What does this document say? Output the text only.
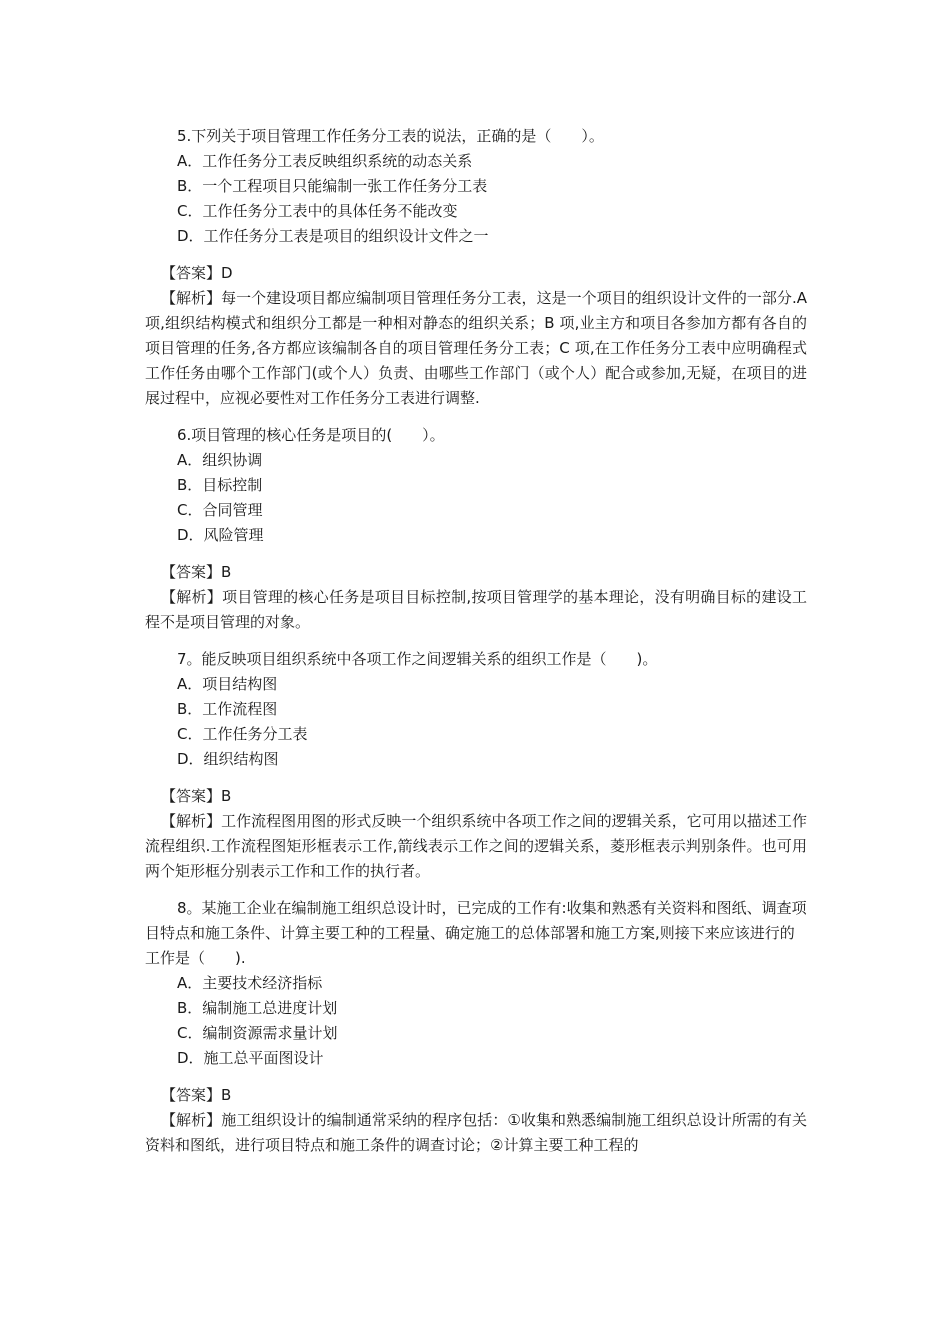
5.下列关于项目管理工作任务分工表的说法，正确的是（　　）。

A．工作任务分工表反映组织系统的动态关系

B．一个工程项目只能编制一张工作任务分工表

C．工作任务分工表中的具体任务不能改变

D．工作任务分工表是项目的组织设计文件之一

【答案】D

【解析】每一个建设项目都应编制项目管理任务分工表，这是一个项目的组织设计文件的一部分.A 项,组织结构模式和组织分工都是一种相对静态的组织关系；B 项,业主方和项目各参加方都有各自的项目管理的任务,各方都应该编制各自的项目管理任务分工表；C 项,在工作任务分工表中应明确程式工作任务由哪个工作部门(或个人）负责、由哪些工作部门（或个人）配合或参加,无疑，在项目的进展过程中，应视必要性对工作任务分工表进行调整.

6.项目管理的核心任务是项目的(　　）。

A．组织协调

B．目标控制

C．合同管理

D．风险管理

【答案】B

【解析】项目管理的核心任务是项目目标控制,按项目管理学的基本理论，没有明确目标的建设工程不是项目管理的对象。

7。能反映项目组织系统中各项工作之间逻辑关系的组织工作是（　　)。

A．项目结构图

B．工作流程图

C．工作任务分工表

D．组织结构图

【答案】B

【解析】工作流程图用图的形式反映一个组织系统中各项工作之间的逻辑关系，它可用以描述工作流程组织.工作流程图矩形框表示工作,箭线表示工作之间的逻辑关系，菱形框表示判别条件。也可用两个矩形框分别表示工作和工作的执行者。

8。某施工企业在编制施工组织总设计时，已完成的工作有:收集和熟悉有关资料和图纸、调查项目特点和施工条件、计算主要工种的工程量、确定施工的总体部署和施工方案,则接下来应该进行的工作是（　　).

A．主要技术经济指标

B．编制施工总进度计划

C．编制资源需求量计划

D．施工总平面图设计

【答案】B

【解析】施工组织设计的编制通常采纳的程序包括：①收集和熟悉编制施工组织总设计所需的有关资料和图纸，进行项目特点和施工条件的调查讨论；②计算主要工种工程的
